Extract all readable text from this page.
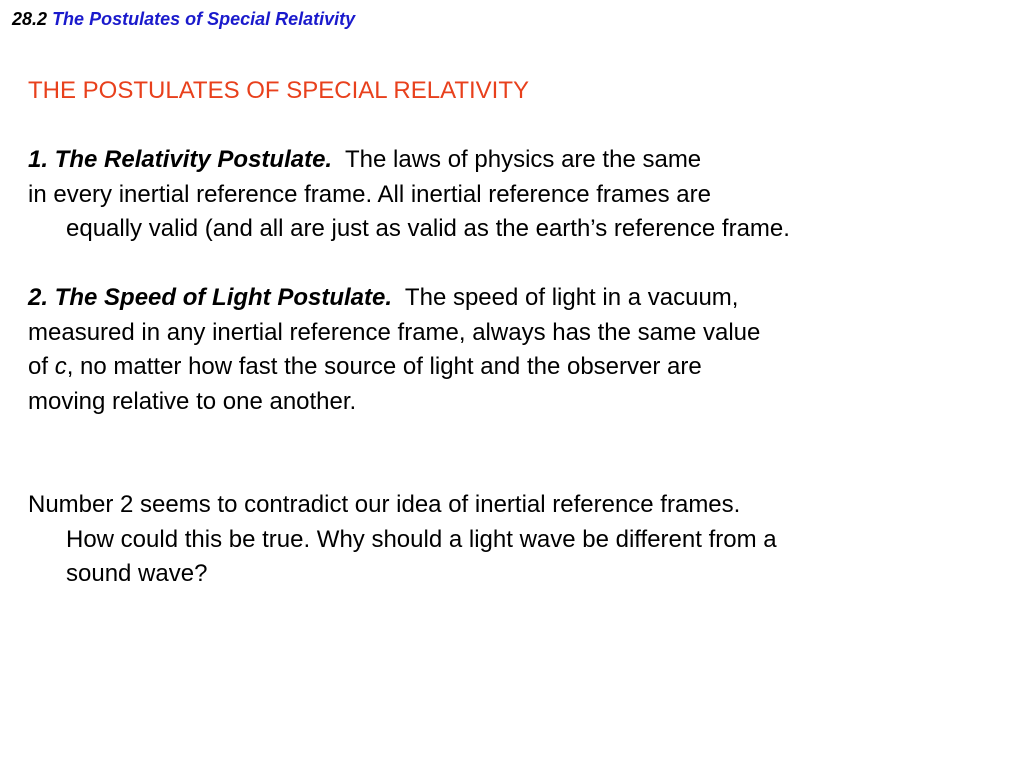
28.2 The Postulates of Special Relativity
THE POSTULATES OF SPECIAL RELATIVITY
1. The Relativity Postulate.  The laws of physics are the same
in every inertial reference frame. All inertial reference frames are
equally valid (and all are just as valid as the earth’s reference frame.
2. The Speed of Light Postulate.  The speed of light in a vacuum,
measured in any inertial reference frame, always has the same value
of c, no matter how fast the source of light and the observer are
moving relative to one another.
Number 2 seems to contradict our idea of inertial reference frames.
How could this be true. Why should a light wave be different from a
sound wave?
